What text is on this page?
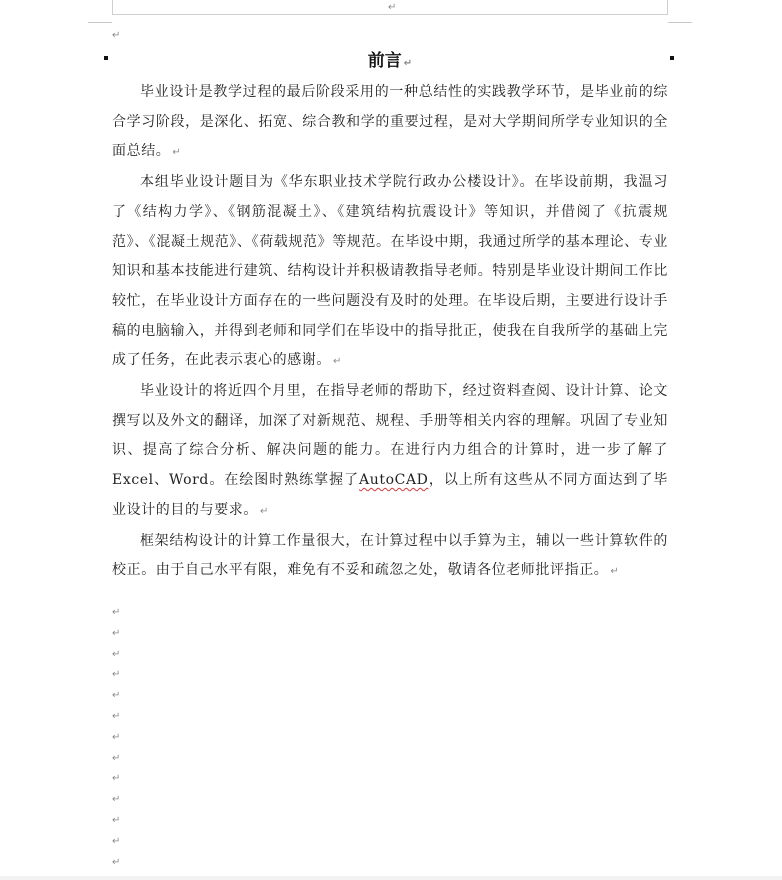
↵
↵
前言 ↵

毕业设计是教学过程的最后阶段采用的一种总结性的实践教学环节，是毕业前的综合学习阶段，是深化、拓宽、综合教和学的重要过程，是对大学期间所学专业知识的全面总结。 ↵

本组毕业设计题目为《华东职业技术学院行政办公楼设计》。在毕设前期，我温习了《结构力学》、《钢筋混凝土》、《建筑结构抗震设计》等知识，并借阅了《抗震规范》、《混凝土规范》、《荷载规范》等规范。在毕设中期，我通过所学的基本理论、专业知识和基本技能进行建筑、结构设计并积极请教指导老师。特别是毕业设计期间工作比较忙，在毕业设计方面存在的一些问题没有及时的处理。在毕设后期，主要进行设计手稿的电脑输入，并得到老师和同学们在毕设中的指导批正，使我在自我所学的基础上完成了任务，在此表示衷心的感谢。 ↵

毕业设计的将近四个月里，在指导老师的帮助下，经过资料查阅、设计计算、论文撰写以及外文的翻译，加深了对新规范、规程、手册等相关内容的理解。巩固了专业知识、提高了综合分析、解决问题的能力。在进行内力组合的计算时，进一步了解了Excel、Word。在绘图时熟练掌握了AutoCAD，以上所有这些从不同方面达到了毕业设计的目的与要求。 ↵

框架结构设计的计算工作量很大，在计算过程中以手算为主，辅以一些计算软件的校正。由于自己水平有限，难免有不妥和疏忽之处，敬请各位老师批评指正。 ↵

↵
↵
↵
↵
↵
↵
↵
↵
↵
↵
↵
↵
↵
